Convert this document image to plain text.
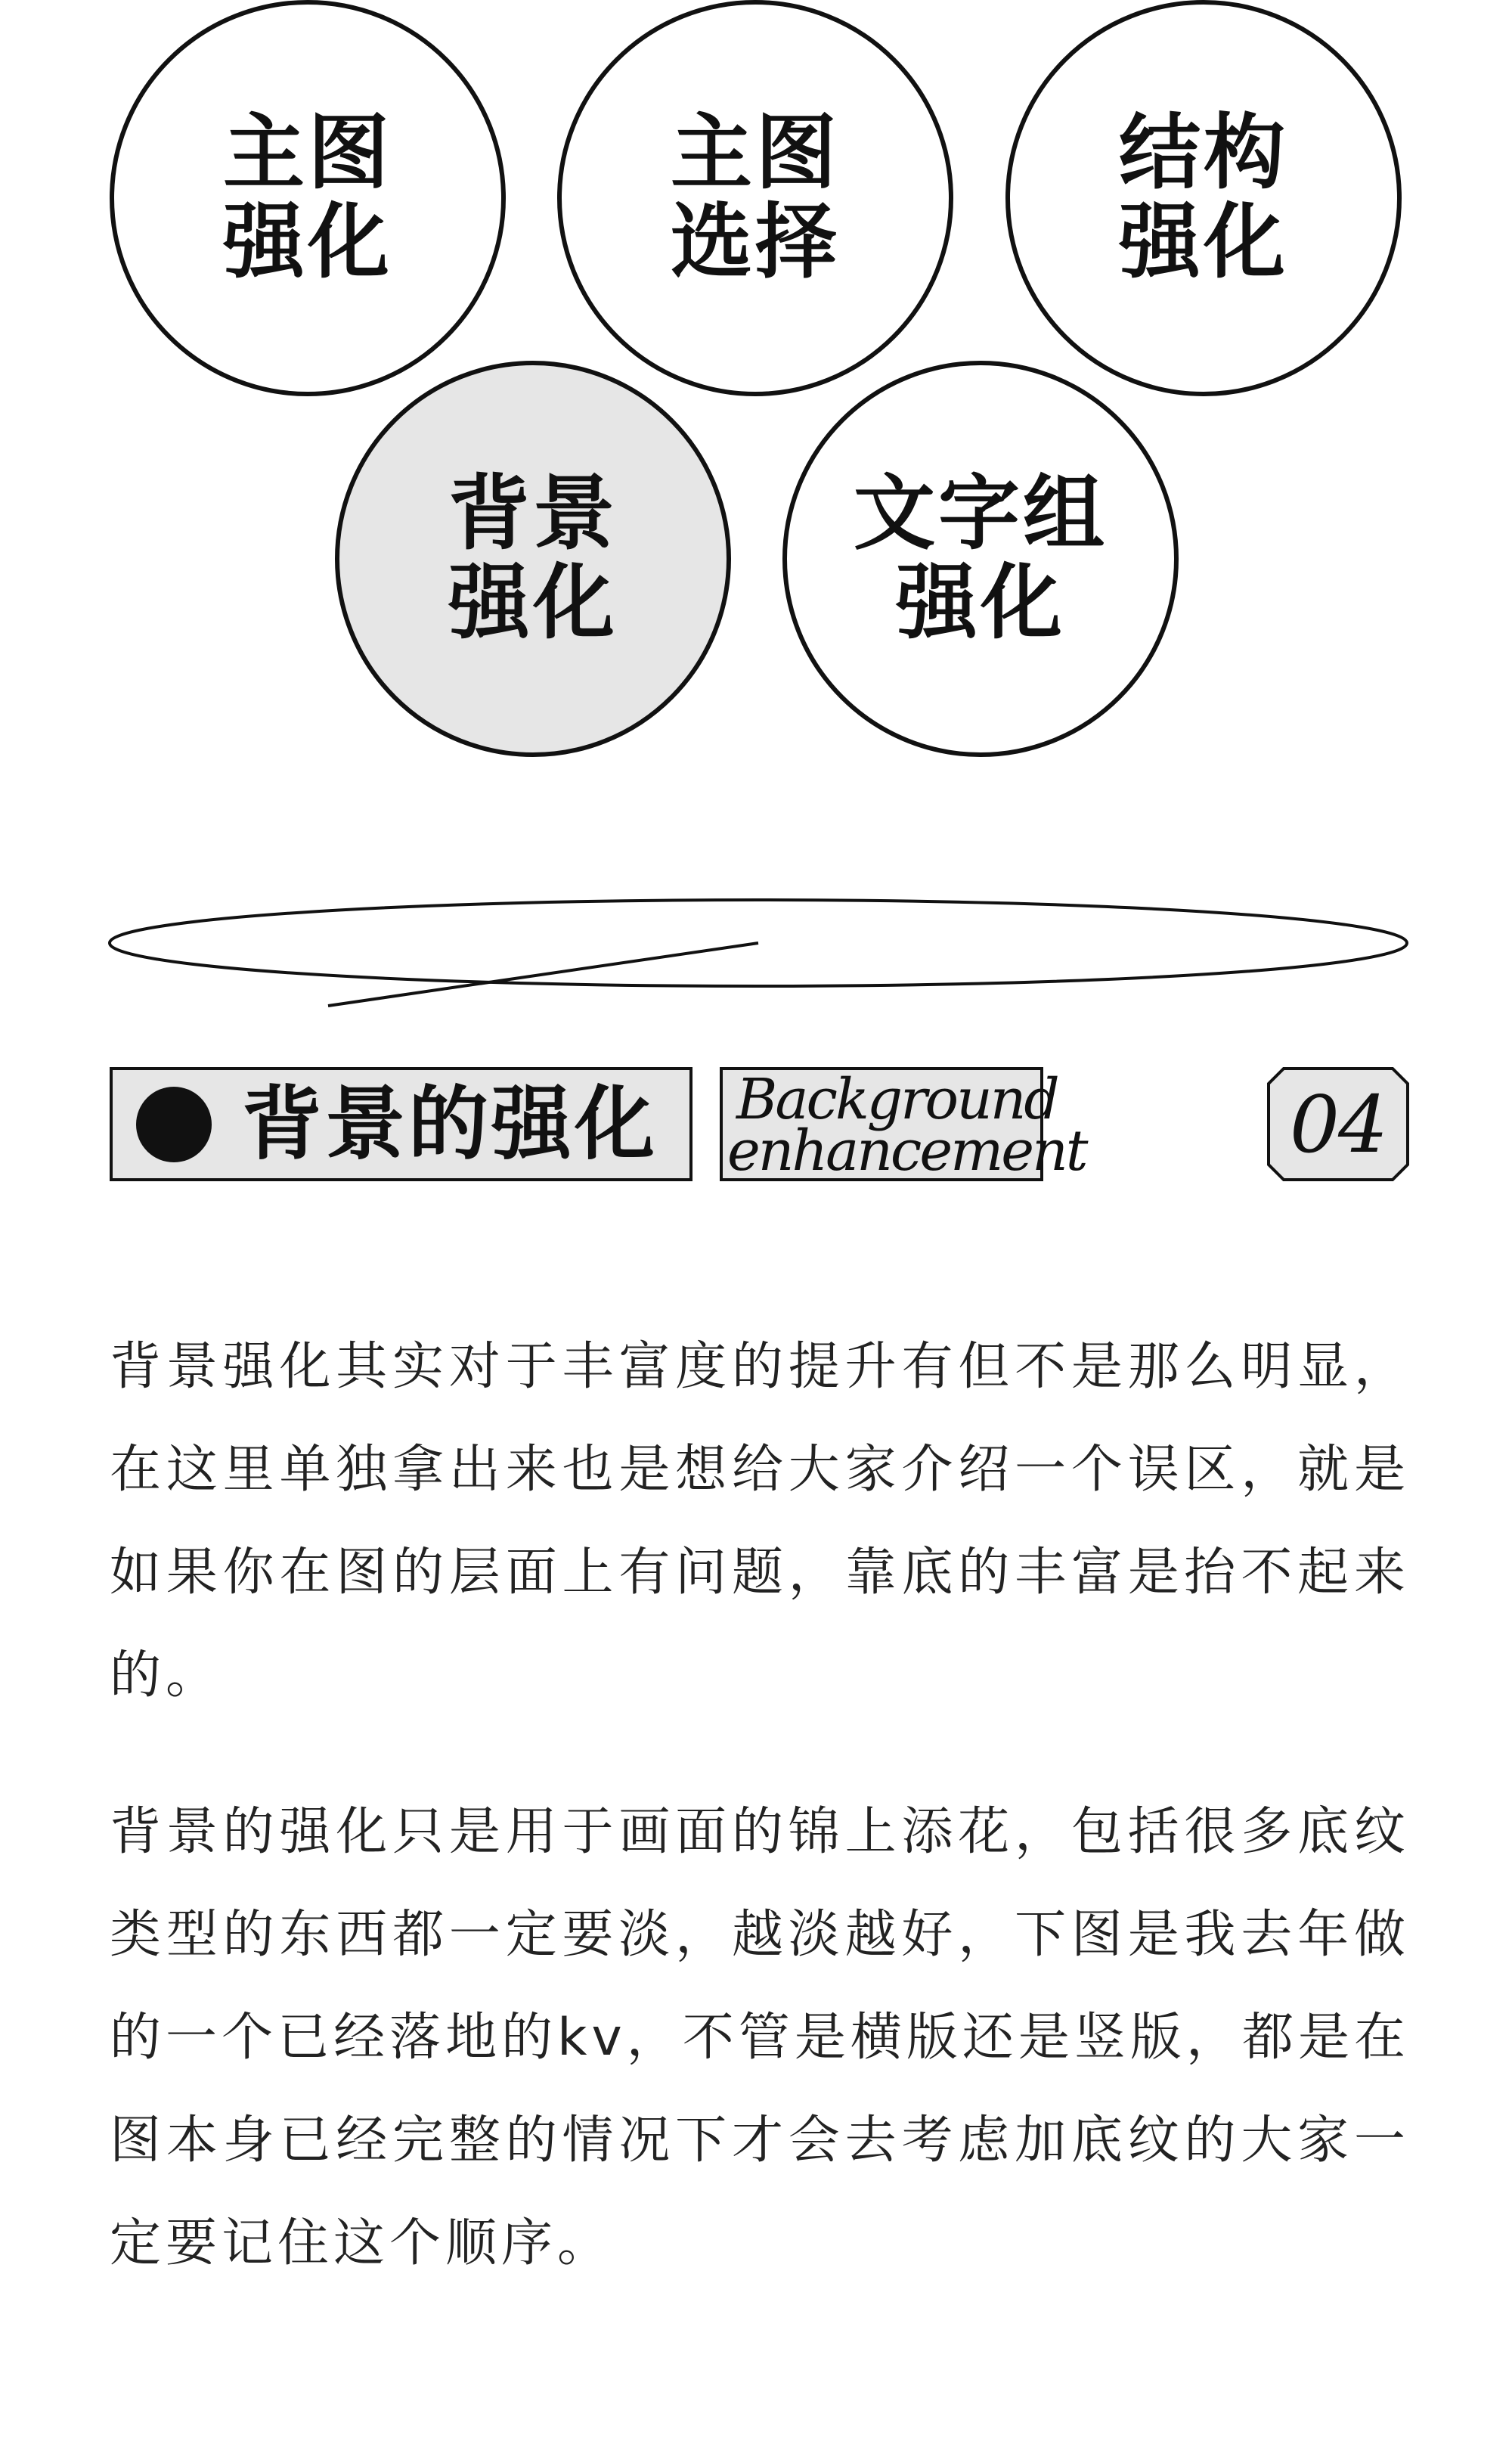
主图
强化
主图
选择
结构
强化
背景
强化
文字组
强化
背景的强化 Background
enhancement	04

背景强化其实对于丰富度的提升有但不是那么明显，在这里单独拿出来也是想给大家介绍一个误区，就是如果你在图的层面上有问题，靠底的丰富是抬不起来的。

背景的强化只是用于画面的锦上添花，包括很多底纹类型的东西都一定要淡，越淡越好，下图是我去年做的一个已经落地的kv，不管是横版还是竖版，都是在图本身已经完整的情况下才会去考虑加底纹的大家一定要记住这个顺序。
